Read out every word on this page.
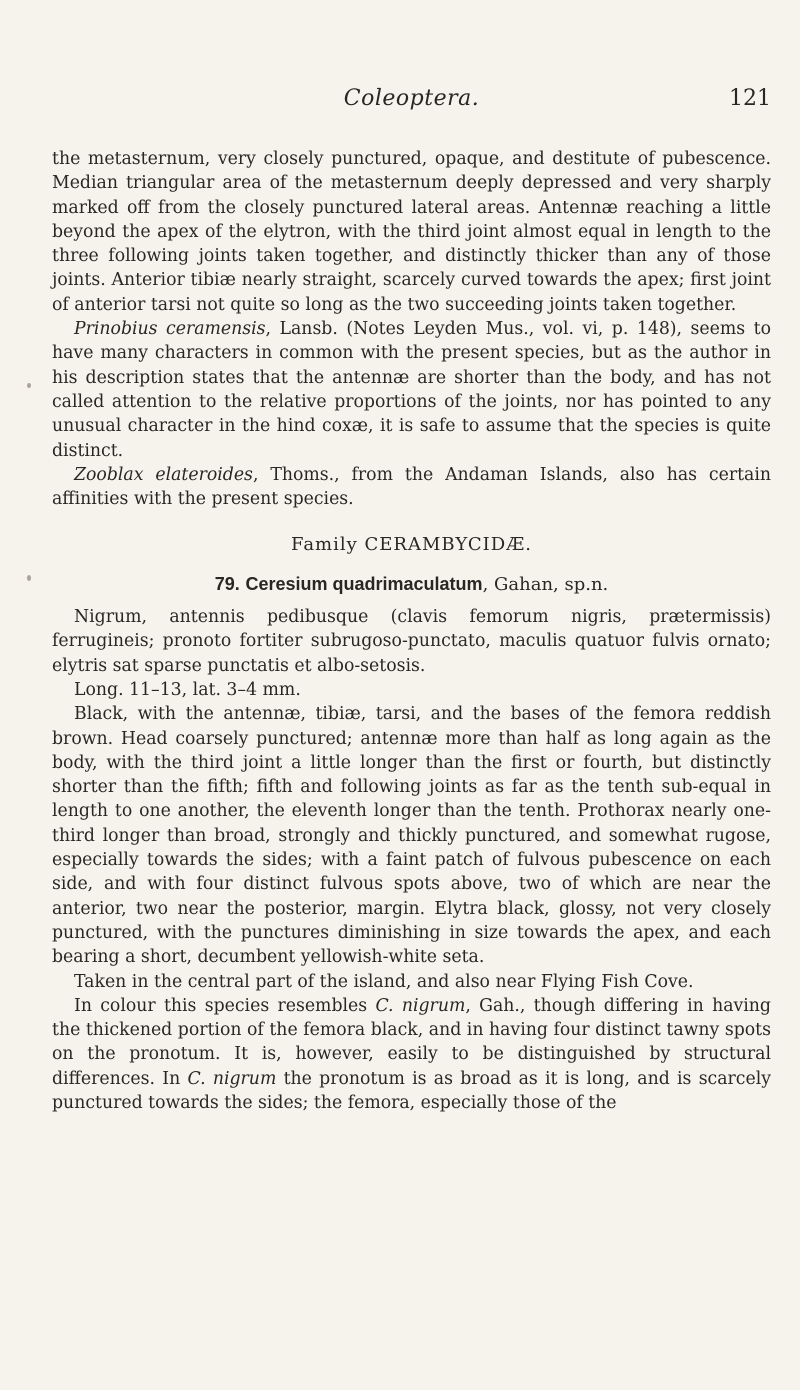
Coleoptera.	121

the metasternum, very closely punctured, opaque, and destitute of pubescence. Median triangular area of the metasternum deeply depressed and very sharply marked off from the closely punctured lateral areas. Antennæ reaching a little beyond the apex of the elytron, with the third joint almost equal in length to the three following joints taken together, and distinctly thicker than any of those joints. Anterior tibiæ nearly straight, scarcely curved towards the apex; first joint of anterior tarsi not quite so long as the two succeeding joints taken together.

Prinobius ceramensis, Lansb. (Notes Leyden Mus., vol. vi, p. 148), seems to have many characters in common with the present species, but as the author in his description states that the antennæ are shorter than the body, and has not called attention to the relative proportions of the joints, nor has pointed to any unusual character in the hind coxæ, it is safe to assume that the species is quite distinct.

Zooblax elateroides, Thoms., from the Andaman Islands, also has certain affinities with the present species.

Family CERAMBYCIDÆ.
79. Ceresium quadrimaculatum, Gahan, sp.n.

Nigrum, antennis pedibusque (clavis femorum nigris, prætermissis) ferrugineis; pronoto fortiter subrugoso-punctato, maculis quatuor fulvis ornato; elytris sat sparse punctatis et albo-setosis.

Long. 11–13, lat. 3–4 mm.

Black, with the antennæ, tibiæ, tarsi, and the bases of the femora reddish brown. Head coarsely punctured; antennæ more than half as long again as the body, with the third joint a little longer than the first or fourth, but distinctly shorter than the fifth; fifth and following joints as far as the tenth sub-equal in length to one another, the eleventh longer than the tenth. Prothorax nearly one-third longer than broad, strongly and thickly punctured, and somewhat rugose, especially towards the sides; with a faint patch of fulvous pubescence on each side, and with four distinct fulvous spots above, two of which are near the anterior, two near the posterior, margin. Elytra black, glossy, not very closely punctured, with the punctures diminishing in size towards the apex, and each bearing a short, decumbent yellowish-white seta.

Taken in the central part of the island, and also near Flying Fish Cove.

In colour this species resembles C. nigrum, Gah., though differing in having the thickened portion of the femora black, and in having four distinct tawny spots on the pronotum. It is, however, easily to be distinguished by structural differences. In C. nigrum the pronotum is as broad as it is long, and is scarcely punctured towards the sides; the femora, especially those of the
